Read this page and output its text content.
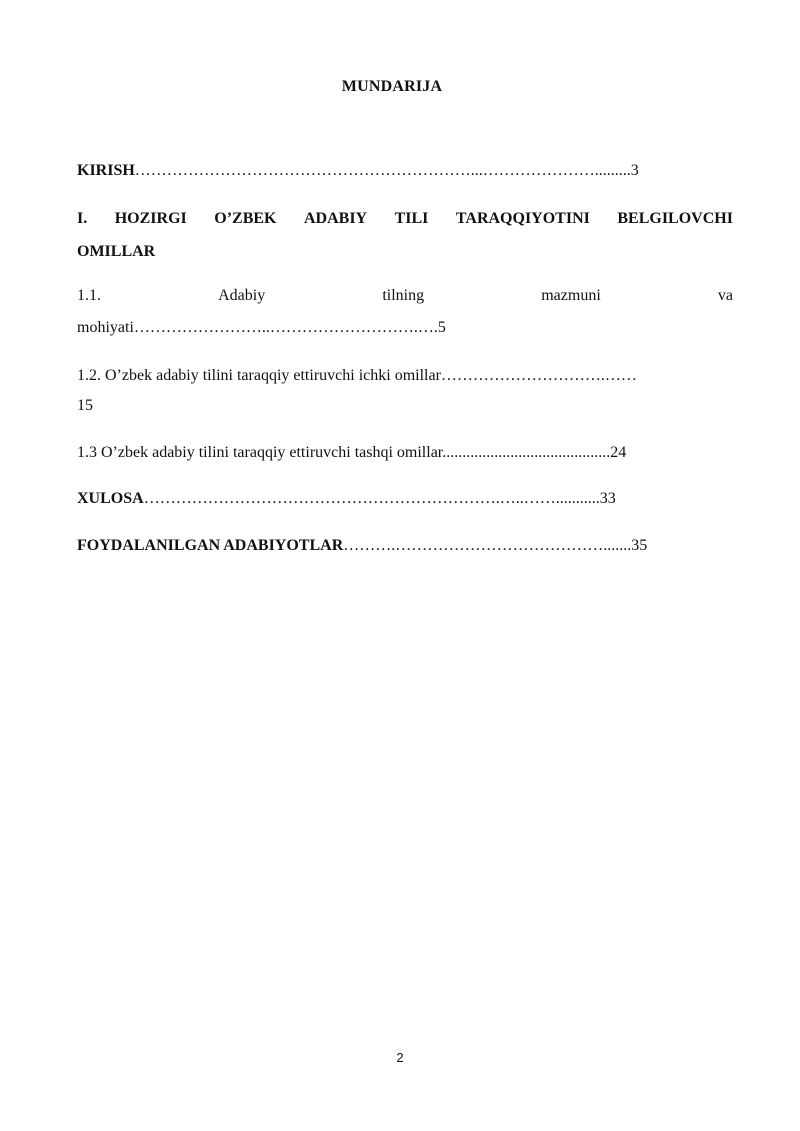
MUNDARIJA
KIRISH………………………………………………………...………………….........3
I. HOZIRGI O’ZBEK ADABIY TILI TARAQQIYOTINI BELGILOVCHI
OMILLAR
1.1.	Adabiy	tilning	mazmuni	va
mohiyati……………………..……………………….….5
1.2. O’zbek adabiy tilini taraqqiy ettiruvchi ichki omillar………………………….……
15
1.3 O’zbek adabiy tilini taraqqiy ettiruvchi tashqi omillar..........................................24
XULOSA………………………………………………………….…..……...........33
FOYDALANILGAN ADABIYOTLAR……….………………………………….......35
2
